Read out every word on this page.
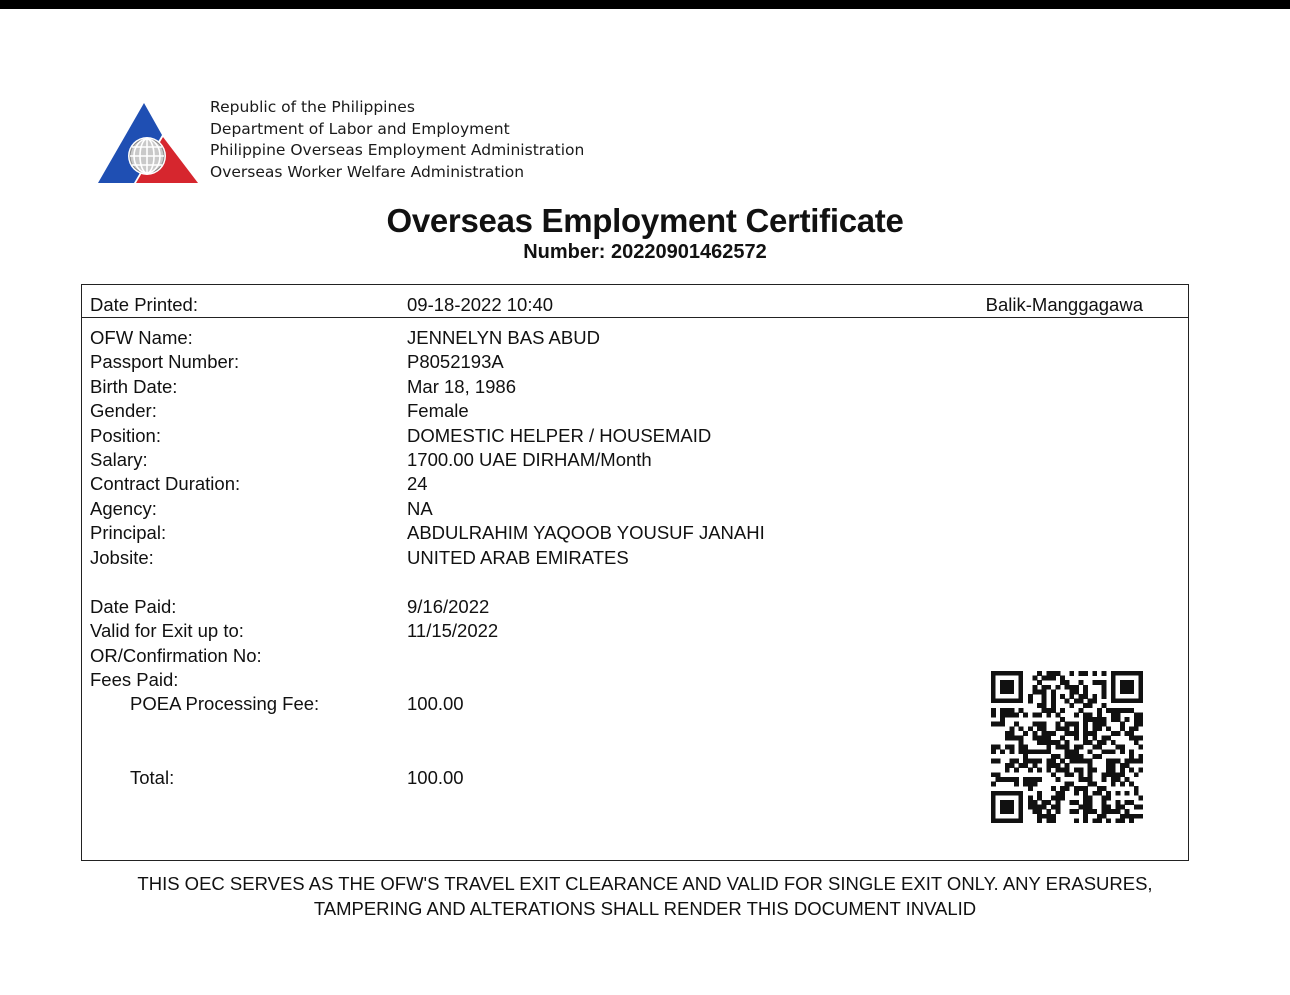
Republic of the Philippines
Department of Labor and Employment
Philippine Overseas Employment Administration
Overseas Worker Welfare Administration
Overseas Employment Certificate
Number: 20220901462572
Date Printed:	09-18-2022 10:40	Balik-Manggagawa
OFW Name:	JENNELYN BAS ABUD
Passport Number:	P8052193A
Birth Date:	Mar 18, 1986
Gender:	Female
Position:	DOMESTIC HELPER / HOUSEMAID
Salary:	1700.00 UAE DIRHAM/Month
Contract Duration:	24
Agency:	NA
Principal:	ABDULRAHIM YAQOOB YOUSUF JANAHI
Jobsite:	UNITED ARAB EMIRATES
Date Paid:	9/16/2022
Valid for Exit up to:	11/15/2022
OR/Confirmation No:
Fees Paid:
POEA Processing Fee:	100.00
Total:	100.00
THIS OEC SERVES AS THE OFW'S TRAVEL EXIT CLEARANCE AND VALID FOR SINGLE EXIT ONLY. ANY ERASURES,
TAMPERING AND ALTERATIONS SHALL RENDER THIS DOCUMENT INVALID
